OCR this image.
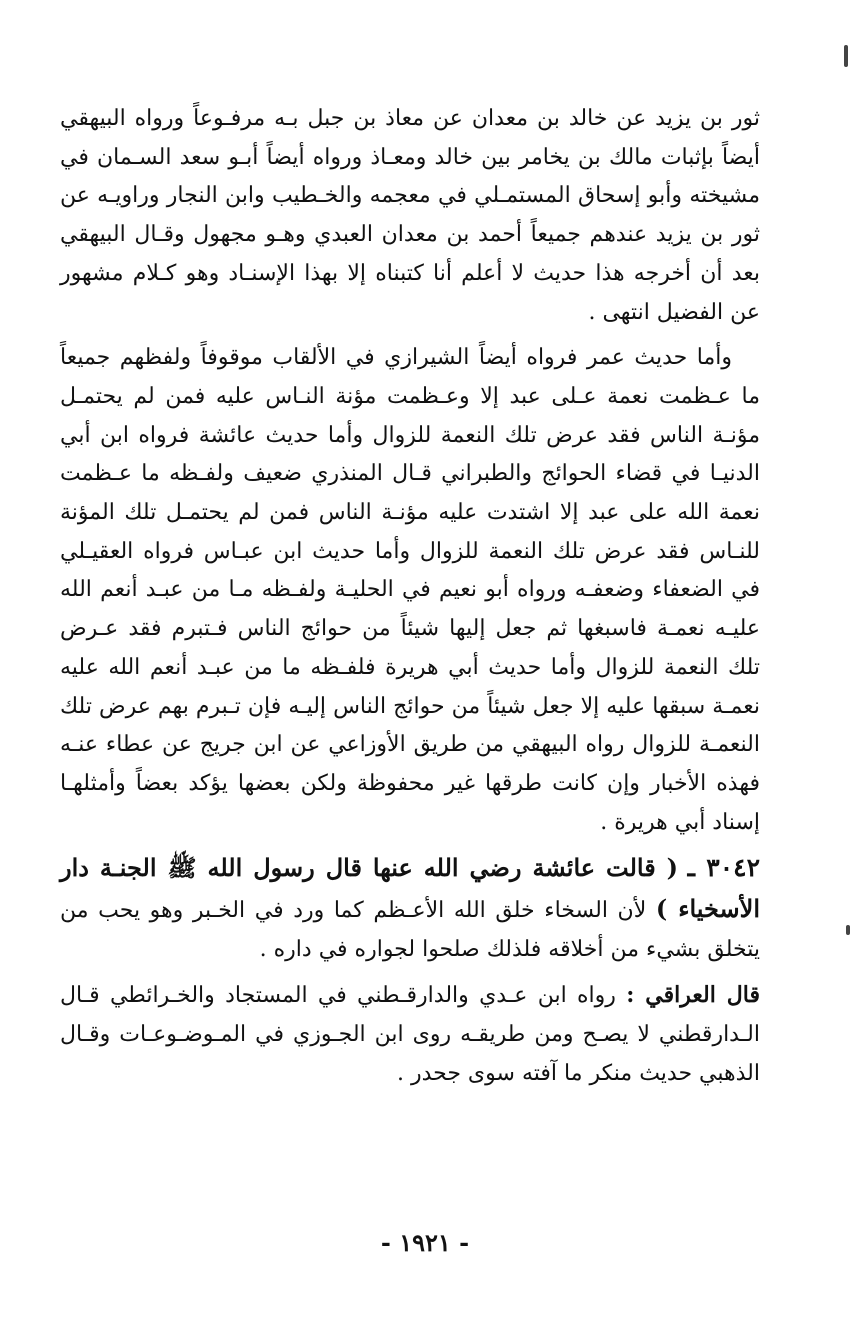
ثور بن يزيد عن خالد بن معدان عن معاذ بن جبل بـه مرفـوعاً ورواه البيهقي أيضاً بإثبات مالك بن يخامر بين خالد ومعـاذ ورواه أيضاً أبـو سعد السـمان في مشيخته وأبو إسحاق المستمـلي في معجمه والخـطيب وابن النجار وراويـه عن ثور بن يزيد عندهم جميعاً أحمد بن معدان العبدي وهـو مجهول وقـال البيهقي بعد أن أخرجه هذا حديث لا أعلم أنا كتبناه إلا بهذا الإسنـاد وهو كـلام مشهور عن الفضيل انتهى .

وأما حديث عمر فرواه أيضاً الشيرازي في الألقاب موقوفاً ولفظهم جميعاً ما عـظمت نعمة عـلى عبد إلا وعـظمت مؤنة النـاس عليه فمن لم يحتمـل مؤنـة الناس فقد عرض تلك النعمة للزوال وأما حديث عائشة فرواه ابن أبي الدنيـا في قضاء الحوائج والطبراني قـال المنذري ضعيف ولفـظه ما عـظمت نعمة الله على عبد إلا اشتدت عليه مؤنـة الناس فمن لم يحتمـل تلك المؤنة للنـاس فقد عرض تلك النعمة للزوال وأما حديث ابن عبـاس فرواه العقيـلي في الضعفاء وضعفـه ورواه أبو نعيم في الحليـة ولفـظه مـا من عبـد أنعم الله عليـه نعمـة فاسبغها ثم جعل إليها شيئاً من حوائج الناس فـتبرم فقد عـرض تلك النعمة للزوال وأما حديث أبي هريرة فلفـظه ما من عبـد أنعم الله عليه نعمـة سبقها عليه إلا جعل شيئاً من حوائج الناس إليـه فإن تـبرم بهم عرض تلك النعمـة للزوال رواه البيهقي من طريق الأوزاعي عن ابن جريج عن عطاء عنـه فهذه الأخبار وإن كانت طرقها غير محفوظة ولكن بعضها يؤكد بعضاً وأمثلهـا إسناد أبي هريرة .

٣٠٤٢ ـ ( قالت عائشة رضي الله عنها قال رسول الله ﷺ الجنـة دار الأسخياء ) لأن السخاء خلق الله الأعـظم كما ورد في الخـبر وهو يحب من يتخلق بشيء من أخلاقه فلذلك صلحوا لجواره في داره .

قال العراقي : رواه ابن عـدي والدارقـطني في المستجاد والخـرائطي قـال الـدارقطني لا يصـح ومن طريقـه روى ابن الجـوزي في المـوضـوعـات وقـال الذهبي حديث منكر ما آفته سوى جحدر .

- ١٩٢١ -
